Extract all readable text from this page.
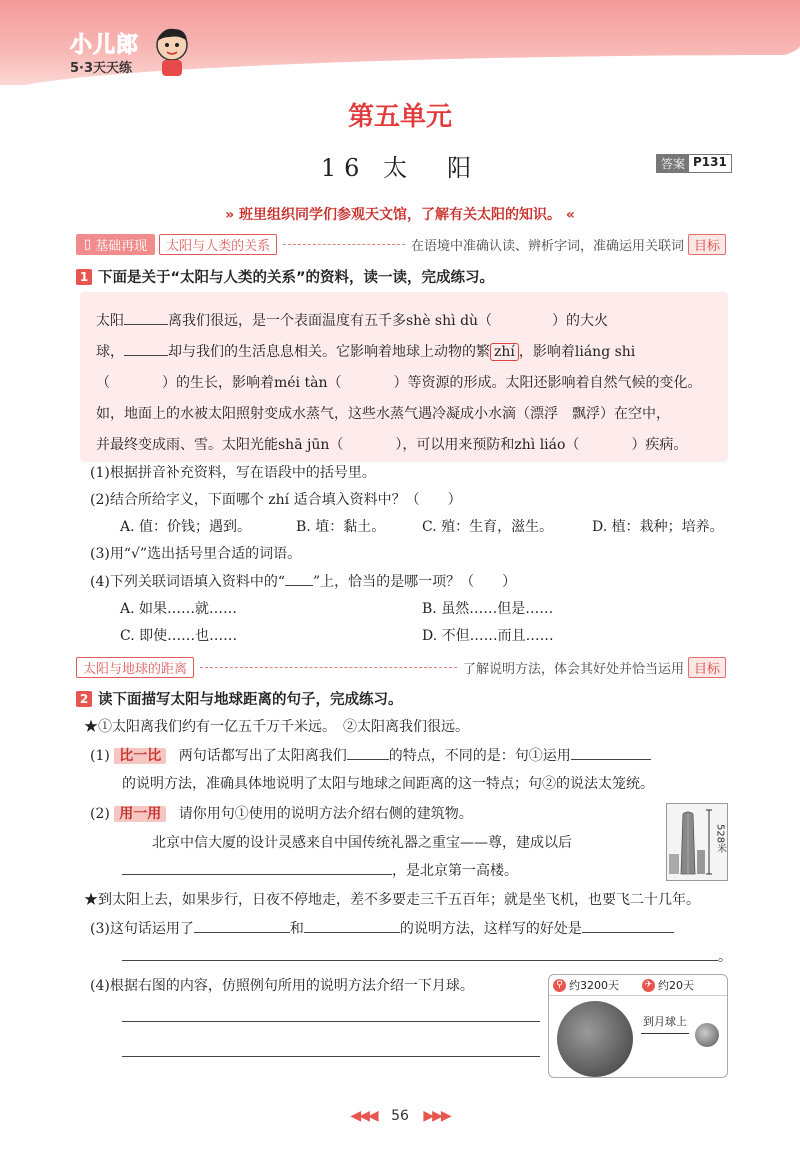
小儿郎
5·3天天练
第五单元
16 太　阳	答案 P131
» 班里组织同学们参观天文馆，了解有关太阳的知识。 «
▯ 基础再现	太阳与人类的关系	在语境中准确认读、辨析字词，准确运用关联词 目标
1 下面是关于“太阳与人类的关系”的资料，读一读，完成练习。

太阳	离我们很远，是一个表面温度有五千多shè shì dù（	）的大火

球，	却与我们的生活息息相关。它影响着地球上动物的繁 zhí ，影响着liáng shi

（	）的生长，影响着méi tàn（	）等资源的形成。太阳还影响着自然气候的变化。

如，地面上的水被太阳照射变成水蒸气，这些水蒸气遇冷凝成小水滴（漂浮　飘浮）在空中，

并最终变成雨、雪。太阳光能shā jūn（	），可以用来预防和zhì liáo（	）疾病。

(1)根据拼音补充资料，写在语段中的括号里。
(2)结合所给字义，下面哪个 zhí 适合填入资料中？（　　）
A. 值：价钱；遇到。	B. 埴：黏土。	C. 殖：生育，滋生。	D. 植：栽种；培养。
(3)用“√”选出括号里合适的词语。
(4)下列关联词语填入资料中的“ ”上，恰当的是哪一项？（　　）
A. 如果……就……	B. 虽然……但是……
C. 即使……也……	D. 不但……而且……
太阳与地球的距离	了解说明方法，体会其好处并恰当运用 目标
2 读下面描写太阳与地球距离的句子，完成练习。
★①太阳离我们约有一亿五千万千米远。　②太阳离我们很远。
(1) 比一比 两句话都写出了太阳离我们	的特点，不同的是：句①运用
的说明方法，准确具体地说明了太阳与地球之间距离的这一特点；句②的说法太笼统。
(2) 用一用 请你用句①使用的说明方法介绍右侧的建筑物。
北京中信大厦的设计灵感来自中国传统礼器之重宝——尊，建成以后
，是北京第一高楼。
528米
★到太阳上去，如果步行，日夜不停地走，差不多要走三千五百年；就是坐飞机，也要飞二十几年。
(3)这句话运用了	和	的说明方法，这样写的好处是
。
(4)根据右图的内容，仿照例句所用的说明方法介绍一下月球。	⚲ 约3200天	✈ 约20天
到月球上
◀◀◀ 56 ▶▶▶
